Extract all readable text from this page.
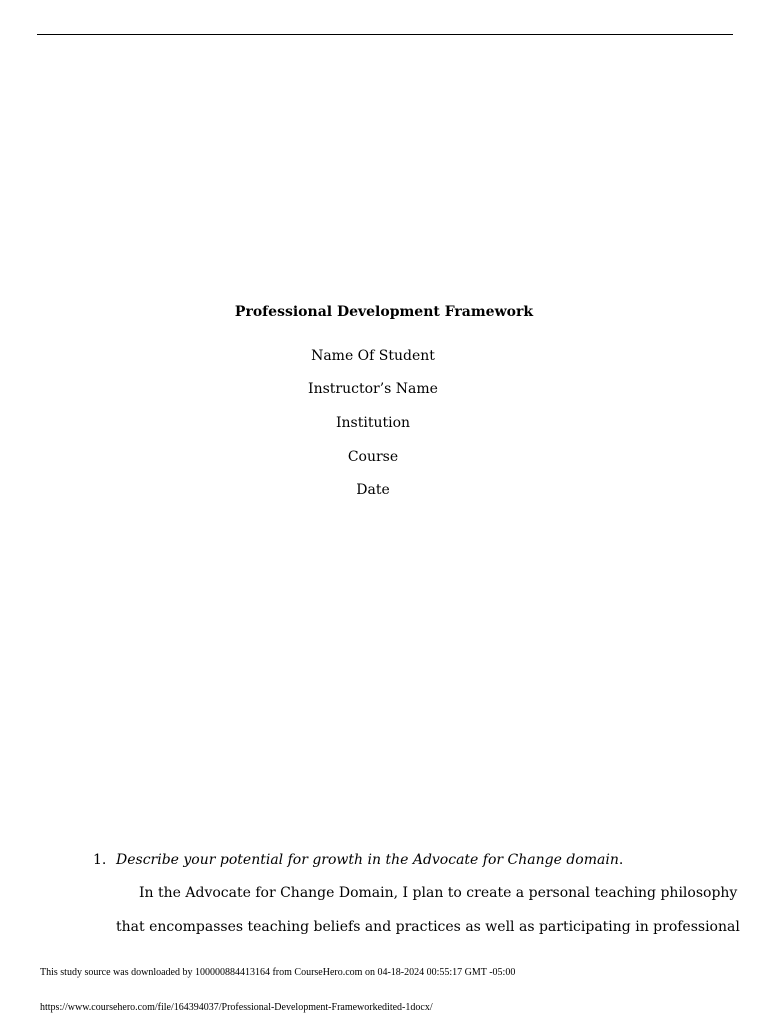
Professional Development Framework
Name Of Student
Instructor’s Name
Institution
Course
Date
1. Describe your potential for growth in the Advocate for Change domain.
In the Advocate for Change Domain, I plan to create a personal teaching philosophy
that encompasses teaching beliefs and practices as well as participating in professional
This study source was downloaded by 100000884413164 from CourseHero.com on 04-18-2024 00:55:17 GMT -05:00
https://www.coursehero.com/file/164394037/Professional-Development-Frameworkedited-1docx/
